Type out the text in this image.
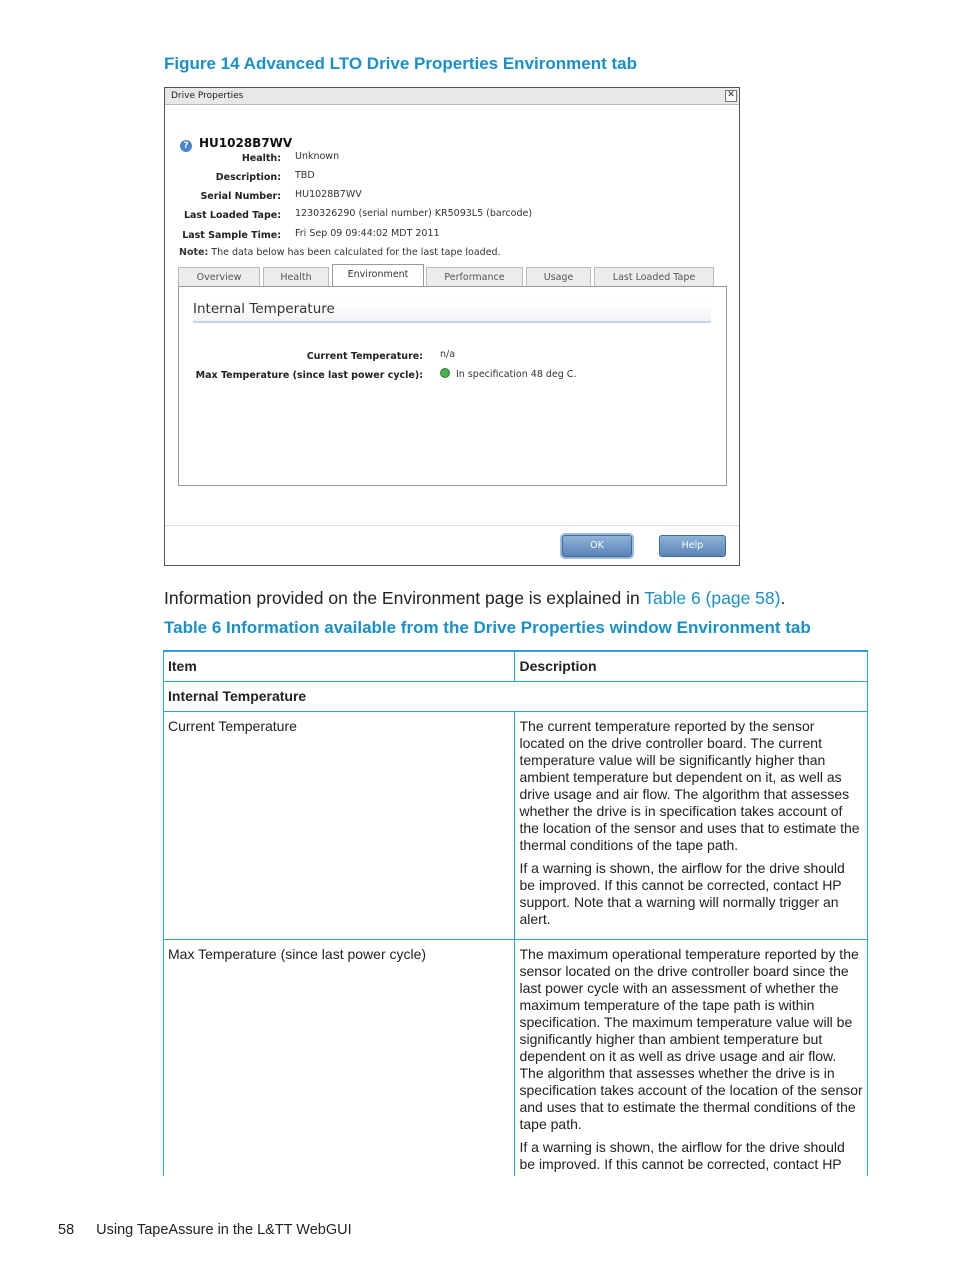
Figure 14 Advanced LTO Drive Properties Environment tab
Drive Properties	✕
? HU1028B7WV
Health: Unknown
Description: TBD
Serial Number: HU1028B7WV
Last Loaded Tape: 1230326290 (serial number) KR5093L5 (barcode)
Last Sample Time: Fri Sep 09 09:44:02 MDT 2011
Note: The data below has been calculated for the last tape loaded.
Overview	Health	Environment	Performance	Usage	Last Loaded Tape
Internal Temperature
Current Temperature: n/a
Max Temperature (since last power cycle):	In specification 48 deg C.
OK	Help
Information provided on the Environment page is explained in Table 6 (page 58).
Table 6 Information available from the Drive Properties window Environment tab
Item	Description
Internal Temperature	
Current Temperature	The current temperature reported by the sensor located on the drive controller board. The current temperature value will be significantly higher than ambient temperature but dependent on it, as well as drive usage and air flow. The algorithm that assesses whether the drive is in specification takes account of the location of the sensor and uses that to estimate the thermal conditions of the tape path.

If a warning is shown, the airflow for the drive should be improved. If this cannot be corrected, contact HP support. Note that a warning will normally trigger an alert.

Max Temperature (since last power cycle)	The maximum operational temperature reported by the sensor located on the drive controller board since the last power cycle with an assessment of whether the maximum temperature of the tape path is within specification. The maximum temperature value will be significantly higher than ambient temperature but dependent on it as well as drive usage and air flow. The algorithm that assesses whether the drive is in specification takes account of the location of the sensor and uses that to estimate the thermal conditions of the tape path.

If a warning is shown, the airflow for the drive should be improved. If this cannot be corrected, contact HP

58 Using TapeAssure in the L&TT WebGUI
